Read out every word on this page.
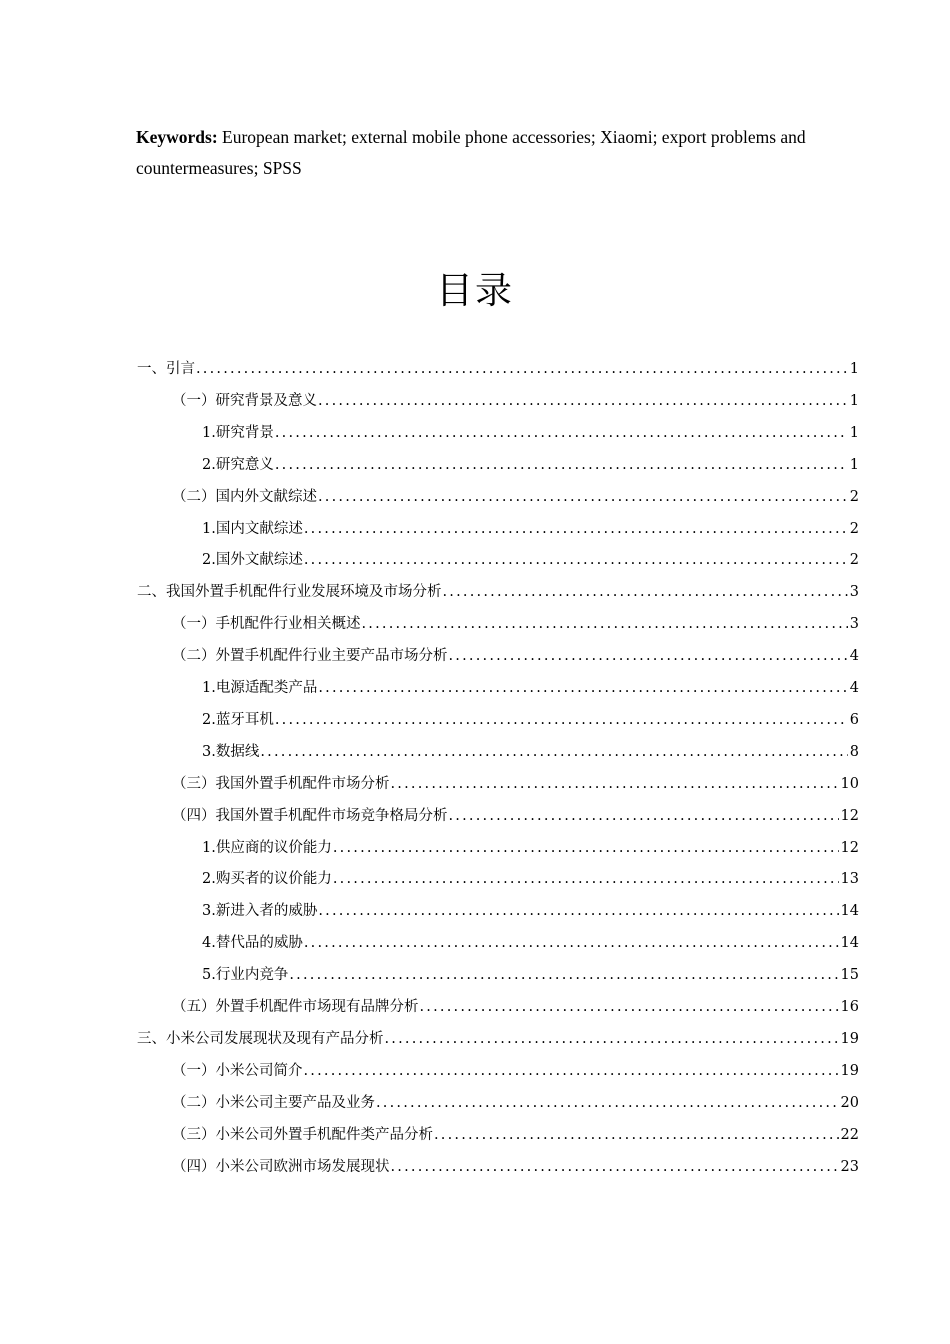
Keywords: European market; external mobile phone accessories; Xiaomi; export problems and countermeasures; SPSS

目录
一、引言 .....	1
（一）研究背景及意义 .....	1
1.研究背景 .....	1
2.研究意义 .....	1
（二）国内外文献综述 .....	2
1.国内文献综述 .....	2
2.国外文献综述 .....	2
二、我国外置手机配件行业发展环境及市场分析 .....	3
（一）手机配件行业相关概述 .....	3
（二）外置手机配件行业主要产品市场分析 .....	4
1.电源适配类产品 .....	4
2.蓝牙耳机 .....	6
3.数据线 .....	8
（三）我国外置手机配件市场分析 .....	10
（四）我国外置手机配件市场竞争格局分析 .....	12
1.供应商的议价能力 .....	12
2.购买者的议价能力 .....	13
3.新进入者的威胁 .....	14
4.替代品的威胁 .....	14
5.行业内竞争 .....	15
（五）外置手机配件市场现有品牌分析 .....	16
三、小米公司发展现状及现有产品分析 .....	19
（一）小米公司简介 .....	19
（二）小米公司主要产品及业务 .....	20
（三）小米公司外置手机配件类产品分析 .....	22
（四）小米公司欧洲市场发展现状 .....	23
